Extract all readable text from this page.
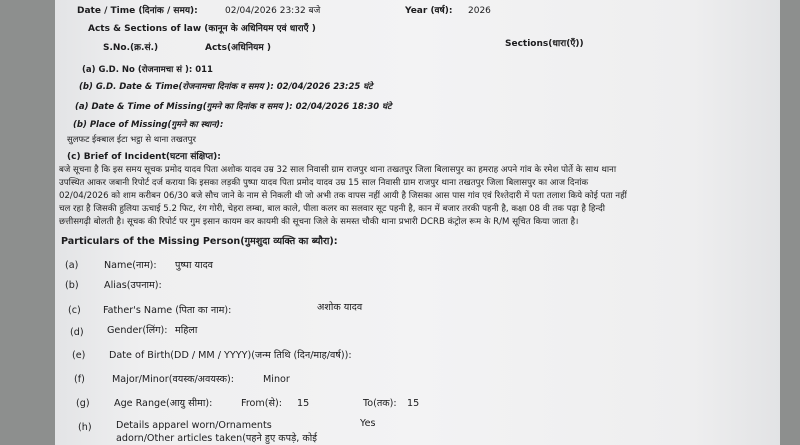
Date / Time (दिनांक / समय):	02/04/2026 23:32 बजे	Year (वर्ष): 2026
Acts & Sections of law (कानून के अधिनियम एवं धाराएँ )
S.No.(क्र.सं.)	Acts(अधिनियम )	Sections(धारा(एँ))
(a) G.D. No (रोजनामचा सं ): 011
(b) G.D. Date & Time(रोजनामचा दिनांक व समय ): 02/04/2026 23:25 घंटे
(a) Date & Time of Missing(गुमने का दिनांक व समय ): 02/04/2026 18:30 घंटे
(b) Place of Missing(गुमने का स्थान):
सुलफट ईक्बाल ईटा भट्ठा से थाना तखतपुर
(c) Brief of Incident(घटना संक्षिप्त):
बजे सूचना है कि इस समय सूचक प्रमोद यादव पिता अशोक यादव उम्र 32 साल निवासी ग्राम राजपुर थाना तखतपुर जिला बिलासपुर का हमराह अपने गांव के रमेश पोर्ते के साथ थाना
उपस्थित आकर जबानी रिपोर्ट दर्ज कराया कि इसका लड़की पुष्पा यादव पिता प्रमोद यादव उम्र 15 साल निवासी ग्राम राजपुर थाना तखतपुर जिला बिलासपुर का आज दिनांक
02/04/2026 को शाम करीबन 06/30 बजे सौच जाने के नाम से निकली थी जो अभी तक वापस नहीं आयी है जिसका आस पास गांव एवं रिश्तेदारी में पता तलाश किये कोई पता नहीं
चल रहा है जिसकी हुलिया ऊचाई 5.2 फिट, रंग गोरी, चेहरा लम्बा, बाल काले, पीला कलर का सलवार सूट पहनी है, कान में बजार तरकी पहनी है, कक्षा 08 वी तक पढ़ा है हिन्दी
छत्तीसगढ़ी बोलती है। सूचक की रिपोर्ट पर गुम इसान कायम कर कायमी की सूचना जिले के समस्त चौकी थाना प्रभारी DCRB कंट्रोल रूम के R/M सूचित किया जाता है।
Particulars of the Missing Person(गुमशुदा व्यक्ति का ब्यौरा):
(a)	Name(नाम): पुष्पा यादव
(b)	Alias(उपनाम):
(c) Father's Name (पिता का नाम):	अशोक यादव
(d) Gender(लिंग): महिला
(e) Date of Birth(DD / MM / YYYY)(जन्म तिथि (दिन/माह/वर्ष)):
(f)	Major/Minor(वयस्क/अवयस्क):	Minor
(g)	Age Range(आयु सीमा):	From(से): 15	To(तक): 15
(h)	Details apparel worn/Ornaments	Yes
adorn/Other articles taken(पहने हुए कपड़े, कोई
